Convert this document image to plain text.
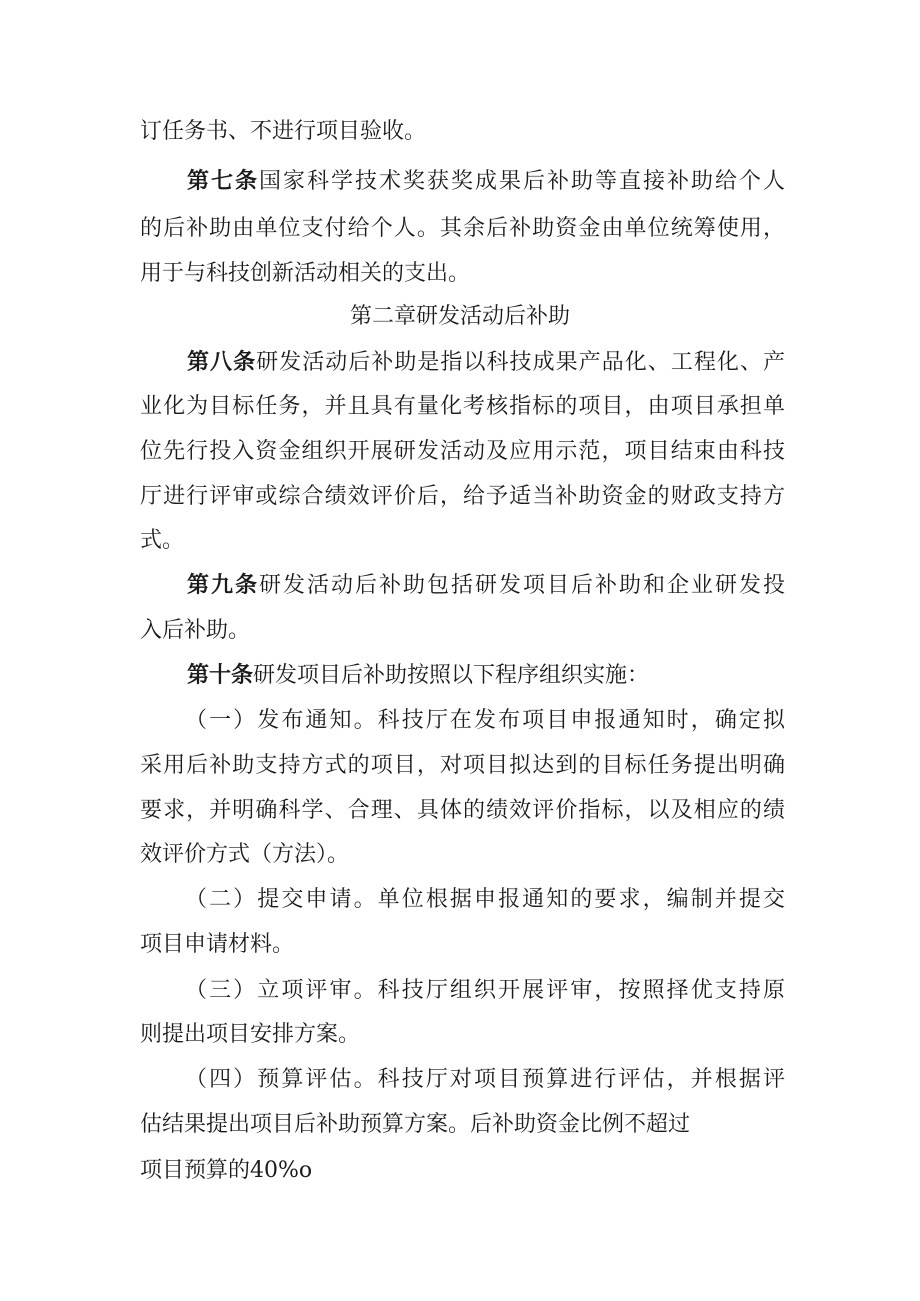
订任务书、不进行项目验收。
第七条国家科学技术奖获奖成果后补助等直接补助给个人
的后补助由单位支付给个人。其余后补助资金由单位统筹使用，
用于与科技创新活动相关的支出。
第二章研发活动后补助
第八条研发活动后补助是指以科技成果产品化、工程化、产
业化为目标任务，并且具有量化考核指标的项目，由项目承担单
位先行投入资金组织开展研发活动及应用示范，项目结束由科技
厅进行评审或综合绩效评价后，给予适当补助资金的财政支持方
式。
第九条研发活动后补助包括研发项目后补助和企业研发投
入后补助。
第十条研发项目后补助按照以下程序组织实施：
（一）发布通知。科技厅在发布项目申报通知时，确定拟
采用后补助支持方式的项目，对项目拟达到的目标任务提出明确
要求，并明确科学、合理、具体的绩效评价指标，以及相应的绩
效评价方式（方法）。
（二）提交申请。单位根据申报通知的要求，编制并提交
项目申请材料。
（三）立项评审。科技厅组织开展评审，按照择优支持原
则提出项目安排方案。
（四）预算评估。科技厅对项目预算进行评估，并根据评
估结果提出项目后补助预算方案。后补助资金比例不超过
项目预算的40%o
